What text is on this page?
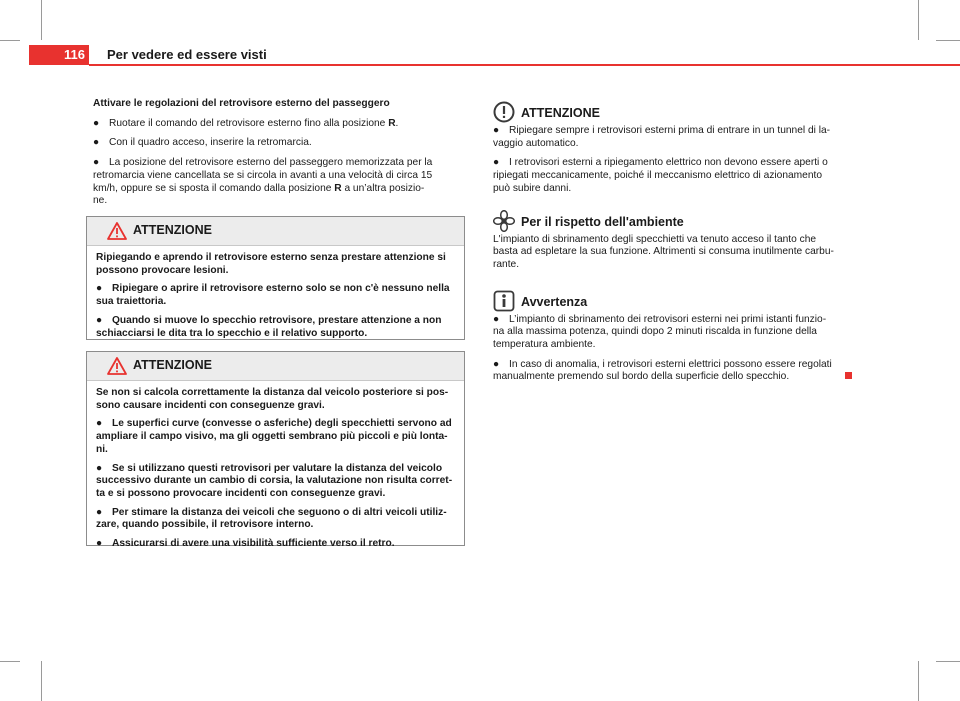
116 Per vedere ed essere visti

Attivare le regolazioni del retrovisore esterno del passeggero

● Ruotare il comando del retrovisore esterno fino alla posizione R.

● Con il quadro acceso, inserire la retromarcia.

● La posizione del retrovisore esterno del passeggero memorizzata per la
retromarcia viene cancellata se si circola in avanti a una velocità di circa 15
km/h, oppure se si sposta il comando dalla posizione R a un’altra posizio-
ne.

ATTENZIONE

Ripiegando e aprendo il retrovisore esterno senza prestare attenzione si
possono provocare lesioni.

● Ripiegare o aprire il retrovisore esterno solo se non c'è nessuno nella
sua traiettoria.

● Quando si muove lo specchio retrovisore, prestare attenzione a non
schiacciarsi le dita tra lo specchio e il relativo supporto.

ATTENZIONE

Se non si calcola correttamente la distanza dal veicolo posteriore si pos-
sono causare incidenti con conseguenze gravi.

● Le superfici curve (convesse o asferiche) degli specchietti servono ad
ampliare il campo visivo, ma gli oggetti sembrano più piccoli e più lonta-
ni.

● Se si utilizzano questi retrovisori per valutare la distanza del veicolo
successivo durante un cambio di corsia, la valutazione non risulta corret-
ta e si possono provocare incidenti con conseguenze gravi.

● Per stimare la distanza dei veicoli che seguono o di altri veicoli utiliz-
zare, quando possibile, il retrovisore interno.

● Assicurarsi di avere una visibilità sufficiente verso il retro.

ATTENZIONE

● Ripiegare sempre i retrovisori esterni prima di entrare in un tunnel di la-
vaggio automatico.

● I retrovisori esterni a ripiegamento elettrico non devono essere aperti o
ripiegati meccanicamente, poiché il meccanismo elettrico di azionamento
può subire danni.

Per il rispetto dell'ambiente

L'impianto di sbrinamento degli specchietti va tenuto acceso il tanto che
basta ad espletare la sua funzione. Altrimenti si consuma inutilmente carbu-
rante.

Avvertenza

● L’impianto di sbrinamento dei retrovisori esterni nei primi istanti funzio-
na alla massima potenza, quindi dopo 2 minuti riscalda in funzione della
temperatura ambiente.

● In caso di anomalia, i retrovisori esterni elettrici possono essere regolati
manualmente premendo sul bordo della superficie dello specchio.
